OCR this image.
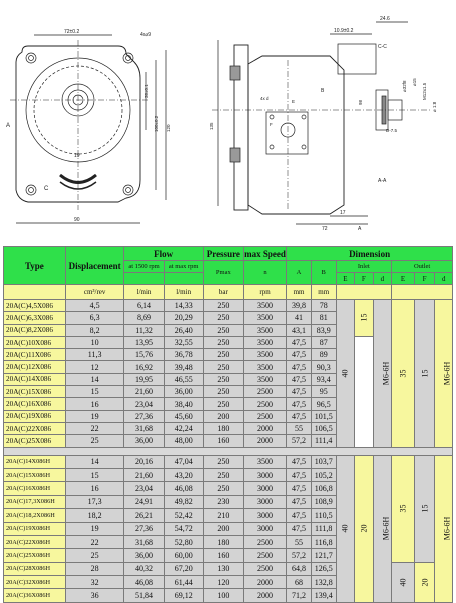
72±0.2	4x⌀9
A
C
19
38±0.1
100±0.2 120
90
24.6
10.9±0.2
⌀32f8 ⌀15
M12x1.5
⌀ 1:8
98
135
4x d
B
E
F
D-7.5
C-C
A-A
17
72	A
Type	Displacement	Flow		Pressure	max Speed	Dimension							
		at 1500 rpm	at max rpm	Pmax	n	A	B	Inlet			Outlet		
								E	F	d	E	F	d
	cm³/rev	l/min	l/min	bar	rpm	mm	mm						
20A(C)4,5X086	4,5	6,14	14,33	250	3500	39,8	78	40	15	M6-6H	35	15	M6-6H
20A(C)6,3X086	6,3	8,69	20,29	250	3500	41	81						
20A(C)8,2X086	8,2	11,32	26,40	250	3500	43,1	83,9						
20A(C)10X086	10	13,95	32,55	250	3500	47,5	87						
20A(C)11X086	11,3	15,76	36,78	250	3500	47,5	89						
20A(C)12X086	12	16,92	39,48	250	3500	47,5	90,3						
20A(C)14X086	14	19,95	46,55	250	3500	47,5	93,4						
20A(C)15X086	15	21,60	36,00	250	2500	47,5	95						
20A(C)16X086	16	23,04	38,40	250	2500	47,5	96,5						
20A(C)19X086	19	27,36	45,60	200	2500	47,5	101,5						
20A(C)22X086	22	31,68	42,24	180	2000	55	106,5						
20A(C)25X086	25	36,00	48,00	160	2000	57,2	111,4						

20A(C)14X086H	14	20,16	47,04	250	3500	47,5	103,7	40	20	M6-6H	35	15	M6-6H
20A(C)15X086H	15	21,60	43,20	250	3000	47,5	105,2						
20A(C)16X086H	16	23,04	46,08	250	3000	47,5	106,8						
20A(C)17,3X086H	17,3	24,91	49,82	230	3000	47,5	108,9						
20A(C)18,2X086H	18,2	26,21	52,42	210	3000	47,5	110,5						
20A(C)19X086H	19	27,36	54,72	200	3000	47,5	111,8						
20A(C)22X086H	22	31,68	52,80	180	2500	55	116,8						
20A(C)25X086H	25	36,00	60,00	160	2500	57,2	121,7						
20A(C)28X086H	28	40,32	67,20	130	2500	64,8	126,5				40	20	
20A(C)32X086H	32	46,08	61,44	120	2000	68	132,8						
20A(C)36X086H	36	51,84	69,12	100	2000	71,2	139,4						
